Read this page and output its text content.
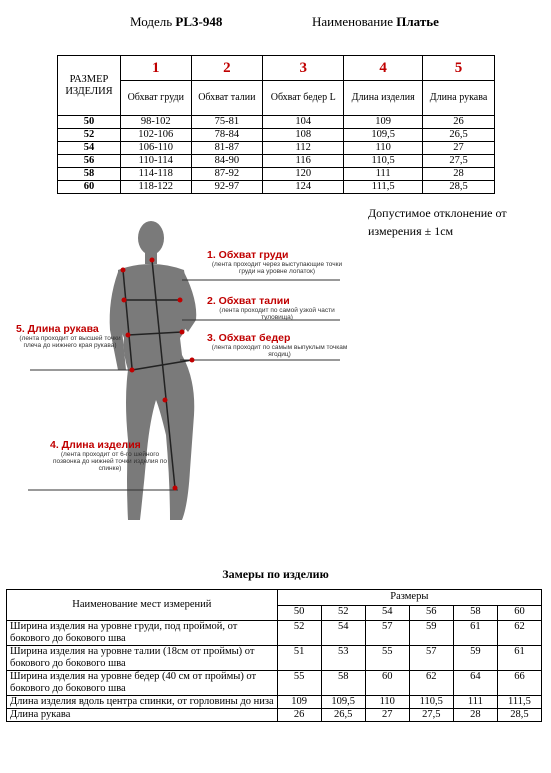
Модель PL3-948	Наименование Платье
РАЗМЕР ИЗДЕЛИЯ	1	2	3	4	5
	Обхват груди	Обхват талии	Обхват бедер L	Длина изделия	Длина рукава
50	98-102	75-81	104	109	26
52	102-106	78-84	108	109,5	26,5
54	106-110	81-87	112	110	27
56	110-114	84-90	116	110,5	27,5
58	114-118	87-92	120	111	28
60	118-122	92-97	124	111,5	28,5
Допустимое отклонение от
измерения ± 1см
1. Обхват груди
(лента проходит через выступающие точки груди на уровне лопаток)
2. Обхват талии
(лента проходит по самой узкой части туловища)
3. Обхват бедер
(лента проходит по самым выпуклым точкам ягодиц)
4. Длина изделия
(лента проходит от 6-го шейного позвонка до нижней точки изделия по спинке)
5. Длина рукава
(лента проходит от высшей точки плеча до нижнего края рукава)
Замеры по изделию
Наименование мест измерений	Размеры					
	50	52	54	56	58	60
Ширина изделия на уровне груди, под проймой, от бокового до бокового шва	52	54	57	59	61	62
Ширина изделия на уровне талии (18см от проймы) от бокового до бокового шва	51	53	55	57	59	61
Ширина изделия на уровне бедер (40 см от проймы) от бокового до бокового шва	55	58	60	62	64	66
Длина изделия вдоль центра спинки, от горловины до низа	109	109,5	110	110,5	111	111,5
Длина рукава	26	26,5	27	27,5	28	28,5
